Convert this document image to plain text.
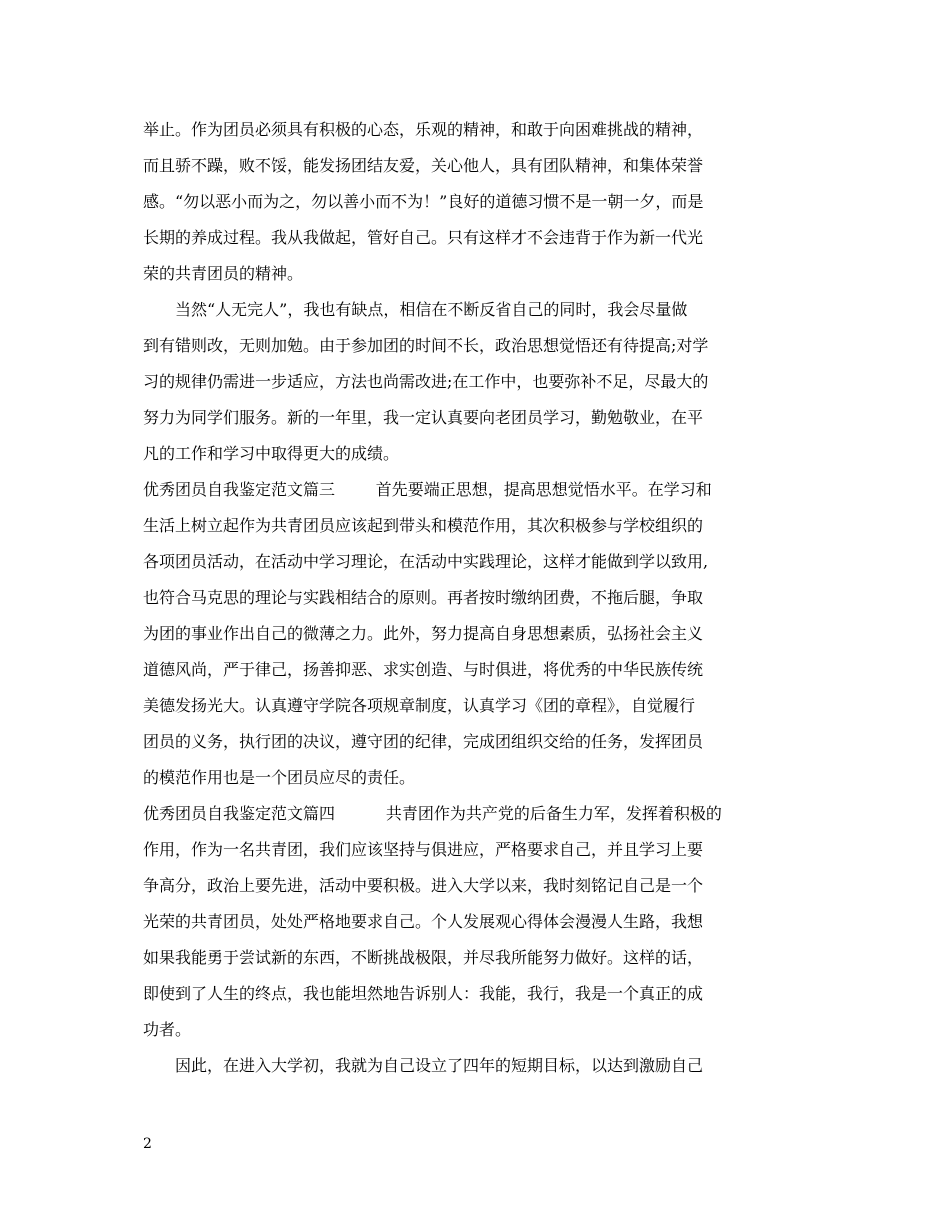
举止。作为团员必须具有积极的心态，乐观的精神，和敢于向困难挑战的精神，
而且骄不躁，败不馁，能发扬团结友爱，关心他人，具有团队精神，和集体荣誉
感。“勿以恶小而为之，勿以善小而不为！”良好的道德习惯不是一朝一夕，而是
长期的养成过程。我从我做起，管好自己。只有这样才不会违背于作为新一代光
荣的共青团员的精神。
当然“人无完人”，我也有缺点，相信在不断反省自己的同时，我会尽量做
到有错则改，无则加勉。由于参加团的时间不长，政治思想觉悟还有待提高;对学
习的规律仍需进一步适应，方法也尚需改进;在工作中，也要弥补不足，尽最大的
努力为同学们服务。新的一年里，我一定认真要向老团员学习，勤勉敬业，在平
凡的工作和学习中取得更大的成绩。
优秀团员自我鉴定范文篇三	首先要端正思想，提高思想觉悟水平。在学习和
生活上树立起作为共青团员应该起到带头和模范作用，其次积极参与学校组织的
各项团员活动，在活动中学习理论，在活动中实践理论，这样才能做到学以致用,
也符合马克思的理论与实践相结合的原则。再者按时缴纳团费，不拖后腿，争取
为团的事业作出自己的微薄之力。此外，努力提高自身思想素质，弘扬社会主义
道德风尚，严于律己，扬善抑恶、求实创造、与时俱进，将优秀的中华民族传统
美德发扬光大。认真遵守学院各项规章制度，认真学习《团的章程》，自觉履行
团员的义务，执行团的决议，遵守团的纪律，完成团组织交给的任务，发挥团员
的模范作用也是一个团员应尽的责任。
优秀团员自我鉴定范文篇四	共青团作为共产党的后备生力军，发挥着积极的
作用，作为一名共青团，我们应该坚持与俱进应，严格要求自己，并且学习上要
争高分，政治上要先进，活动中要积极。进入大学以来，我时刻铭记自己是一个
光荣的共青团员，处处严格地要求自己。个人发展观心得体会漫漫人生路，我想
如果我能勇于尝试新的东西，不断挑战极限，并尽我所能努力做好。这样的话，
即使到了人生的终点，我也能坦然地告诉别人：我能，我行，我是一个真正的成
功者。
因此，在进入大学初，我就为自己设立了四年的短期目标，以达到激励自己
2
